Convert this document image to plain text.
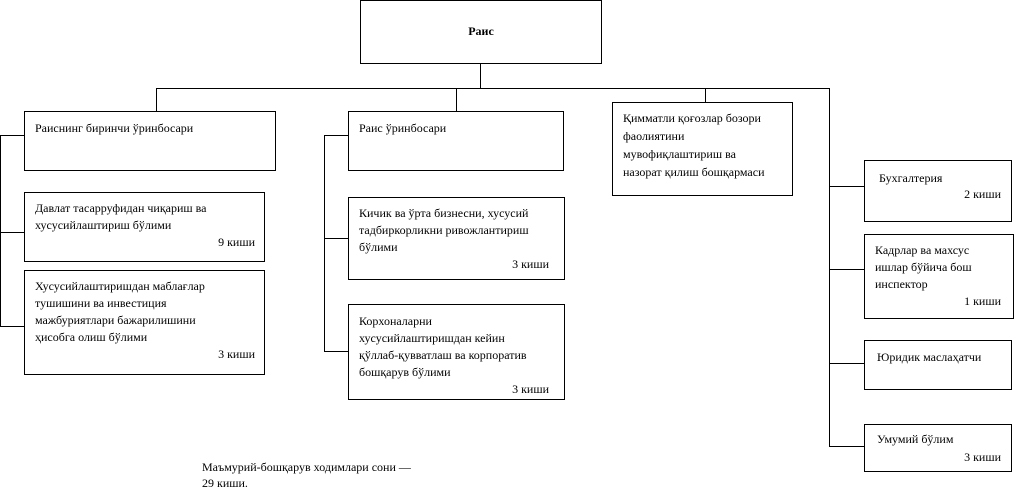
Раис
Раиснинг биринчи ўринбосари	Раис ўринбосари
Қимматли қоғозлар бозори
фаолиятини
мувофиқлаштириш ва
назорат қилиш бошқармаси
Давлат тасарруфидан чиқариш ва
хусусийлаштириш бўлими
9 киши
Хусусийлаштиришдан маблағлар
тушишини ва инвестиция
мажбуриятлари бажарилишини
ҳисобга олиш бўлими
3 киши
Кичик ва ўрта бизнесни, хусусий
тадбиркорликни ривожлантириш
бўлими
3 киши
Корхоналарни
хусусийлаштиришдан кейин
қўллаб-қувватлаш ва корпоратив
бошқарув бўлими
3 киши
Бухгалтерия
2 киши
Кадрлар ва махсус
ишлар бўйича бош
инспектор
1 киши
Юридик маслаҳатчи
Умумий бўлим
3 киши
Маъмурий-бошқарув ходимлари сони —
29 киши.
